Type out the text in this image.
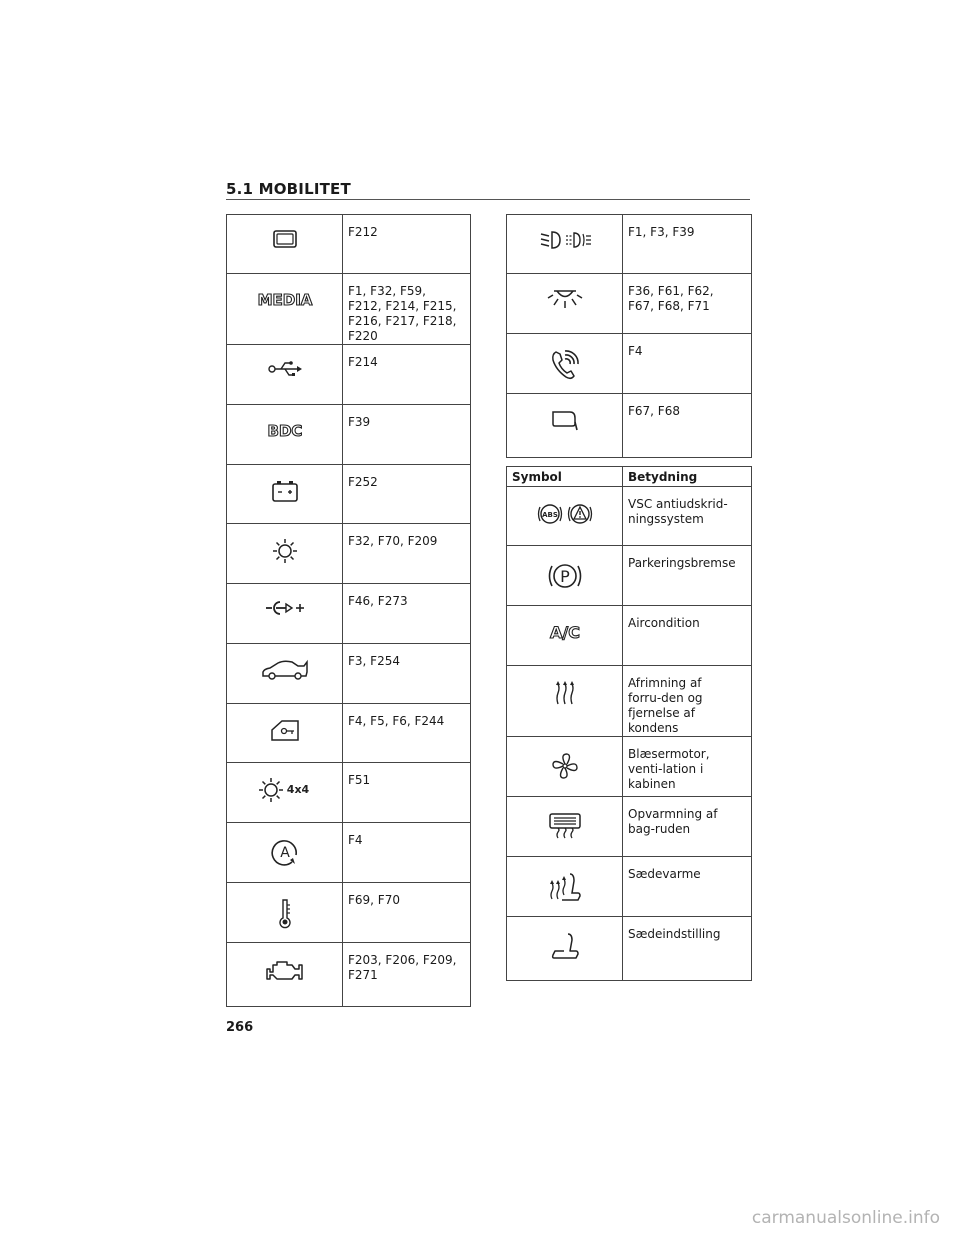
5.1 MOBILITET

F212

MEDIA	F1, F32, F59, F212, F214, F215, F216, F217, F218, F220

F214

BDC	F39

F252

F32, F70, F209

F46, F273

F3, F254

F4, F5, F6, F244

4x4	F51

A	F4

F69, F70

F203, F206, F209, F271

F1, F3, F39

F36, F61, F62, F67, F68, F71

F4

F67, F68
Symbol	Betydning

ABS	VSC antiudskrid-ningssystem

P	Parkeringsbremse

A/C	Aircondition

Afrimning af forru-den og fjernelse af kondens

Blæsermotor, venti-lation i kabinen

Opvarmning af bag-ruden

Sædevarme

Sædeindstilling
266
carmanualsonline.info
